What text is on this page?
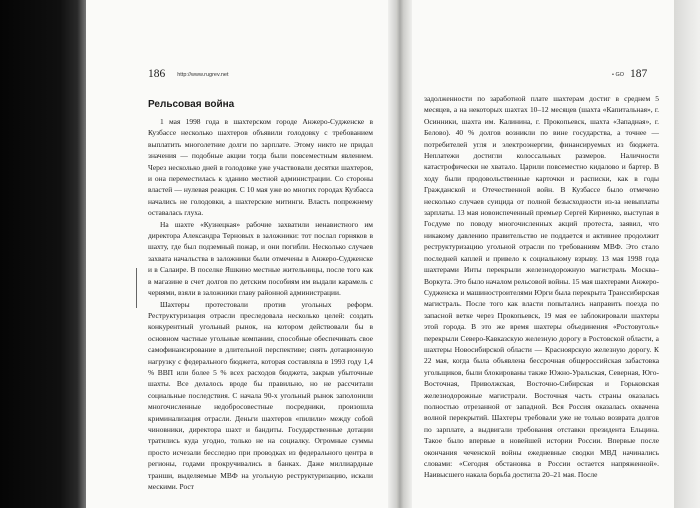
186 http://www.rugrev.net	• GO 187
Рельсовая война

1 мая 1998 года в шахтерском городе Анжеро-Судженске в Кузбассе несколько шахтеров объявили голодовку с требованием выплатить многолетние долги по зарплате. Этому никто не придал значения — подобные акции тогда были повсеместным явлением. Через несколько дней в голодовке уже участвовали десятки шахтеров, и она переместилась к зданию местной администрации. Со стороны властей — нулевая реакция. С 10 мая уже во многих городах Кузбасса начались не голодовки, а шахтерские митинги. Власть попрежнему оставалась глуха.

На шахте «Кузнецкая» рабочие захватили ненавистного им директора Александра Терновых в заложники: тот послал горняков в шахту, где был подземный пожар, и они погибли. Несколько случаев захвата начальства в заложники были отмечены в Анжеро-Судженске и в Салаире. В поселке Яшкино местные жительницы, после того как в магазине в счет долгов по детским пособиям им выдали карамель с червями, взяли в заложники главу районной администрации.

Шахтеры протестовали против угольных реформ. Реструктуризация отрасли преследовала несколько целей: создать конкурентный угольный рынок, на котором действовали бы в основном частные угольные компании, способные обеспечивать свое самофинансирование в длительной перспективе; снять дотационную нагрузку с федерального бюджета, которая составляла в 1993 году 1,4 % ВВП или более 5 % всех расходов бюджета, закрыв убыточные шахты. Все делалось вроде бы правильно, но не рассчитали социальные последствия. С начала 90-х угольный рынок заполонили многочисленные недобросовестные посредники, произошла криминализация отрасли. Деньги шахтеров «пилили» между собой чиновники, директора шахт и бандиты. Государственные дотации тратились куда угодно, только не на социалку. Огромные суммы просто исчезали бесследно при проводках из федерального центра в регионы, годами прокручивались в банках. Даже миллиардные транши, выделяемые МВФ на угольную реструктуризацию, искали мескими. Рост

задолженности по заработной плате шахтерам достиг в среднем 5 месяцев, а на некоторых шахтах 10–12 месяцев (шахта «Капитальная», г. Осинники, шахта им. Калинина, г. Прокопьевск, шахта «Западная», г. Белово). 40 % долгов возникли по вине государства, а точнее — потребителей угля и электроэнергии, финансируемых из бюджета. Неплатежи достигли колоссальных размеров. Наличности катастрофически не хватало. Царили повсеместно кидалово и бартер. В ходу были продовольственные карточки и расписки, как в годы Гражданской и Отечественной войн. В Кузбассе было отмечено несколько случаев суицида от полной безысходности из-за невыплаты зарплаты. 13 мая новоиспеченный премьер Сергей Кириенко, выступая в Госдуме по поводу многочисленных акций протеста, заявил, что никакому давлению правительство не поддается и активнее продолжит реструктуризацию угольной отрасли по требованиям МВФ. Это стало последней каплей и привело к социальному взрыву. 13 мая 1998 года шахтерами Инты перекрыли железнодорожную магистраль Москва–Воркута. Это было началом рельсовой войны. 15 мая шахтерами Анжеро-Судженска и машиностроителями Юрги была перекрыта Транссибирская магистраль. После того как власти попытались направить поезда по запасной ветке через Прокопьевск, 19 мая ее заблокировали шахтеры этой города. В это же время шахтеры объединения «Ростовуголь» перекрыли Северо-Кавказскую железную дорогу в Ростовской области, а шахтеры Новосибирской области — Красноярскую железную дорогу. К 22 мая, когда была объявлена бессрочная общероссийская забастовка угольщиков, были блокированы также Южно-Уральская, Северная, Юго-Восточная, Приволжская, Восточно-Сибирская и Горьковская железнодорожные магистрали. Восточная часть страны оказалась полностью отрезанной от западной. Вся Россия оказалась охвачена волной перекрытий. Шахтеры требовали уже не только возврата долгов по зарплате, а выдвигали требования отставки президента Ельцина. Такое было впервые в новейшей истории России. Впервые после окончания чеченской войны ежедневные сводки МВД начинались словами: «Сегодня обстановка в России остается напряженной». Наивысшего накала борьба достигла 20–21 мая. После
